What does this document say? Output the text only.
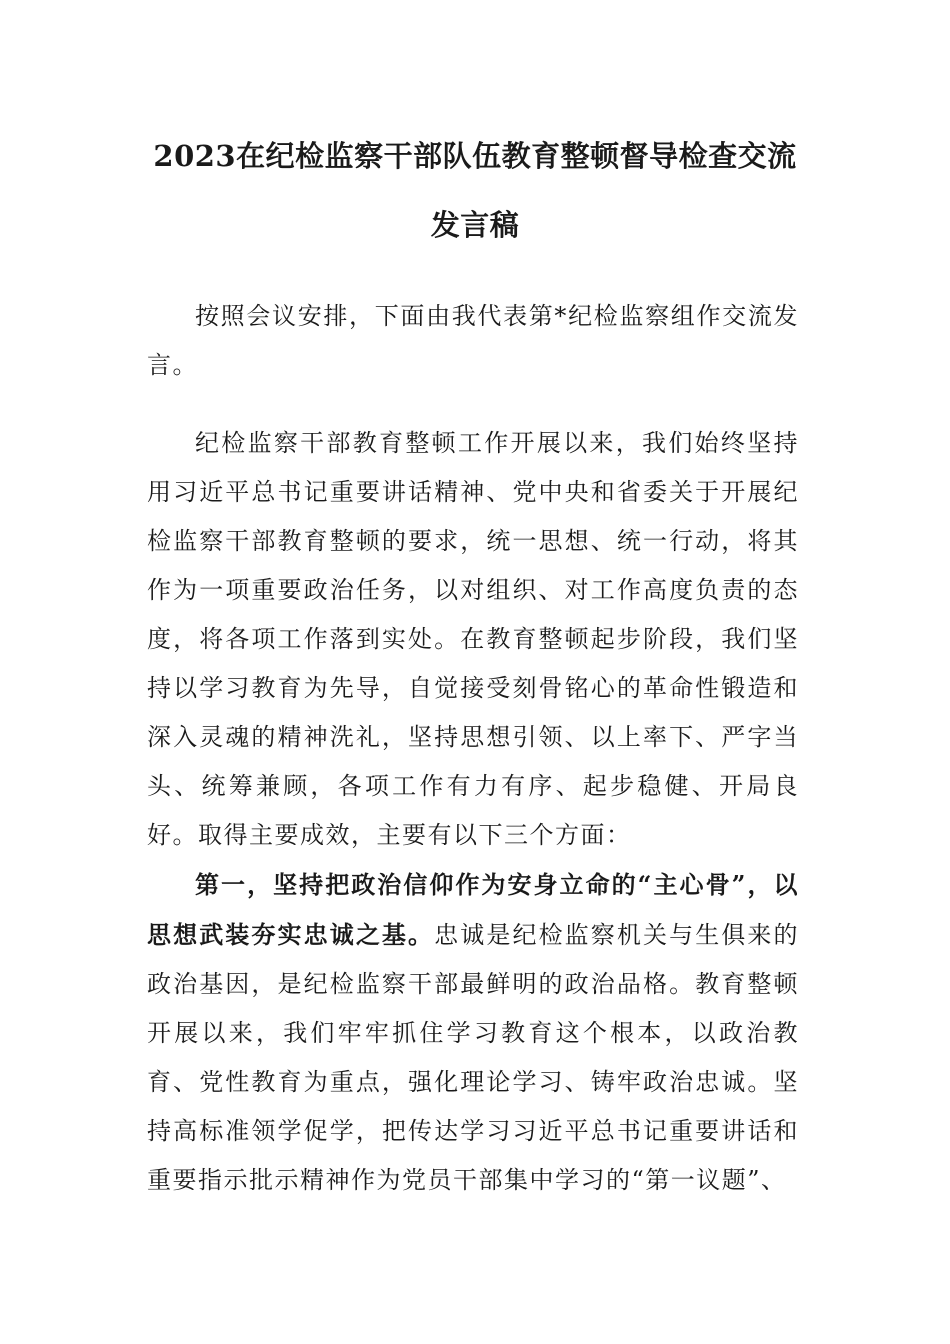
2023在纪检监察干部队伍教育整顿督导检查交流
发言稿

按照会议安排，下面由我代表第*纪检监察组作交流发言。

纪检监察干部教育整顿工作开展以来，我们始终坚持用习近平总书记重要讲话精神、党中央和省委关于开展纪检监察干部教育整顿的要求，统一思想、统一行动，将其作为一项重要政治任务，以对组织、对工作高度负责的态度，将各项工作落到实处。在教育整顿起步阶段，我们坚持以学习教育为先导，自觉接受刻骨铭心的革命性锻造和深入灵魂的精神洗礼，坚持思想引领、以上率下、严字当头、统筹兼顾，各项工作有力有序、起步稳健、开局良好。取得主要成效，主要有以下三个方面：

第一，坚持把政治信仰作为安身立命的“主心骨”，以思想武装夯实忠诚之基。忠诚是纪检监察机关与生俱来的政治基因，是纪检监察干部最鲜明的政治品格。教育整顿开展以来，我们牢牢抓住学习教育这个根本，以政治教育、党性教育为重点，强化理论学习、铸牢政治忠诚。坚持高标准领学促学，把传达学习习近平总书记重要讲话和重要指示批示精神作为党员干部集中学习的“第一议题”、
